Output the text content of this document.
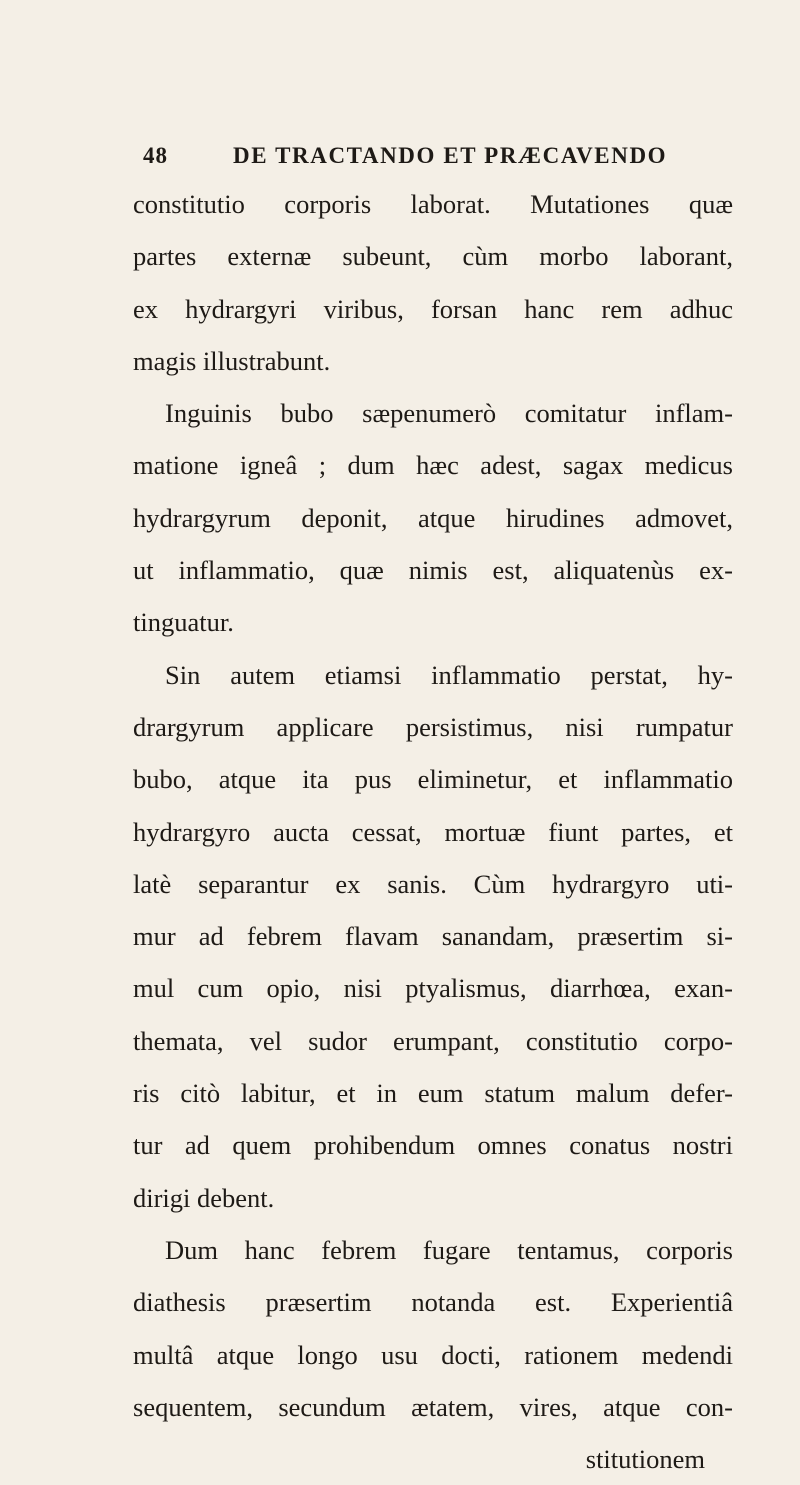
48	DE TRACTANDO ET PRÆCAVENDO
constitutio corporis laborat. Mutationes quæ
partes externæ subeunt, cùm morbo laborant,
ex hydrargyri viribus, forsan hanc rem adhuc
magis illustrabunt.
Inguinis bubo sæpenumerò comitatur inflam-
matione igneâ ; dum hæc adest, sagax medicus
hydrargyrum deponit, atque hirudines admovet,
ut inflammatio, quæ nimis est, aliquatenùs ex-
tinguatur.
Sin autem etiamsi inflammatio perstat, hy-
drargyrum applicare persistimus, nisi rumpatur
bubo, atque ita pus eliminetur, et inflammatio
hydrargyro aucta cessat, mortuæ fiunt partes, et
latè separantur ex sanis. Cùm hydrargyro uti-
mur ad febrem flavam sanandam, præsertim si-
mul cum opio, nisi ptyalismus, diarrhœa, exan-
themata, vel sudor erumpant, constitutio corpo-
ris citò labitur, et in eum statum malum defer-
tur ad quem prohibendum omnes conatus nostri
dirigi debent.
Dum hanc febrem fugare tentamus, corporis
diathesis præsertim notanda est. Experientiâ
multâ atque longo usu docti, rationem medendi
sequentem, secundum ætatem, vires, atque con-
stitutionem
